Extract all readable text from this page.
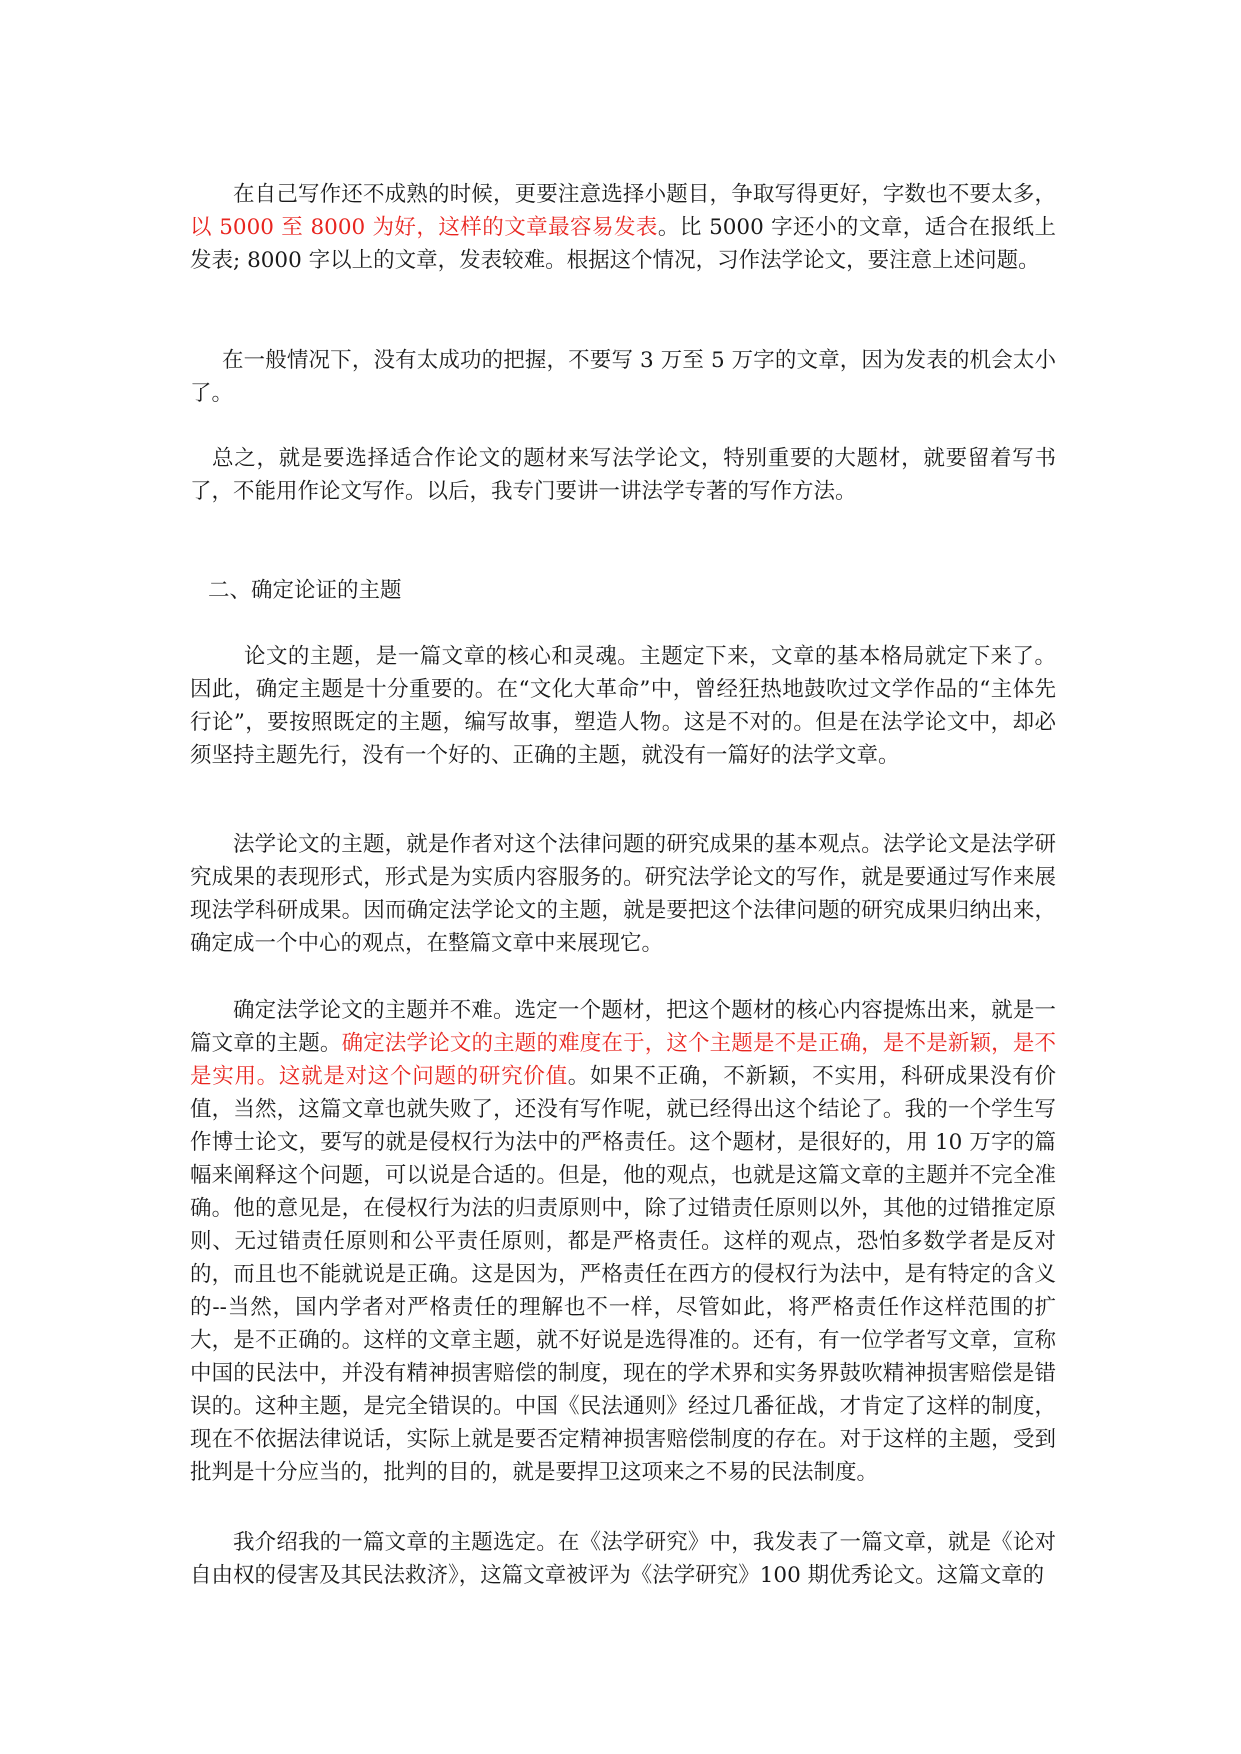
在自己写作还不成熟的时候，更要注意选择小题目，争取写得更好，字数也不要太多，以 5000 至 8000 为好，这样的文章最容易发表。比 5000 字还小的文章，适合在报纸上发表; 8000 字以上的文章，发表较难。根据这个情况，习作法学论文，要注意上述问题。

在一般情况下，没有太成功的把握，不要写 3 万至 5 万字的文章，因为发表的机会太小了。

总之，就是要选择适合作论文的题材来写法学论文，特别重要的大题材，就要留着写书了，不能用作论文写作。以后，我专门要讲一讲法学专著的写作方法。

二、确定论证的主题

论文的主题，是一篇文章的核心和灵魂。主题定下来，文章的基本格局就定下来了。因此，确定主题是十分重要的。在“文化大革命”中，曾经狂热地鼓吹过文学作品的“主体先行论”，要按照既定的主题，编写故事，塑造人物。这是不对的。但是在法学论文中，却必须坚持主题先行，没有一个好的、正确的主题，就没有一篇好的法学文章。

法学论文的主题，就是作者对这个法律问题的研究成果的基本观点。法学论文是法学研究成果的表现形式，形式是为实质内容服务的。研究法学论文的写作，就是要通过写作来展现法学科研成果。因而确定法学论文的主题，就是要把这个法律问题的研究成果归纳出来，确定成一个中心的观点，在整篇文章中来展现它。

确定法学论文的主题并不难。选定一个题材，把这个题材的核心内容提炼出来，就是一篇文章的主题。确定法学论文的主题的难度在于，这个主题是不是正确，是不是新颖，是不是实用。这就是对这个问题的研究价值。如果不正确，不新颖，不实用，科研成果没有价值，当然，这篇文章也就失败了，还没有写作呢，就已经得出这个结论了。我的一个学生写作博士论文，要写的就是侵权行为法中的严格责任。这个题材，是很好的，用 10 万字的篇幅来阐释这个问题，可以说是合适的。但是，他的观点，也就是这篇文章的主题并不完全准确。他的意见是，在侵权行为法的归责原则中，除了过错责任原则以外，其他的过错推定原则、无过错责任原则和公平责任原则，都是严格责任。这样的观点，恐怕多数学者是反对的，而且也不能就说是正确。这是因为，严格责任在西方的侵权行为法中，是有特定的含义的--当然，国内学者对严格责任的理解也不一样，尽管如此，将严格责任作这样范围的扩大，是不正确的。这样的文章主题，就不好说是选得准的。还有，有一位学者写文章，宣称中国的民法中，并没有精神损害赔偿的制度，现在的学术界和实务界鼓吹精神损害赔偿是错误的。这种主题，是完全错误的。中国《民法通则》经过几番征战，才肯定了这样的制度，现在不依据法律说话，实际上就是要否定精神损害赔偿制度的存在。对于这样的主题，受到批判是十分应当的，批判的目的，就是要捍卫这项来之不易的民法制度。

我介绍我的一篇文章的主题选定。在《法学研究》中，我发表了一篇文章，就是《论对自由权的侵害及其民法救济》，这篇文章被评为《法学研究》100 期优秀论文。这篇文章的
